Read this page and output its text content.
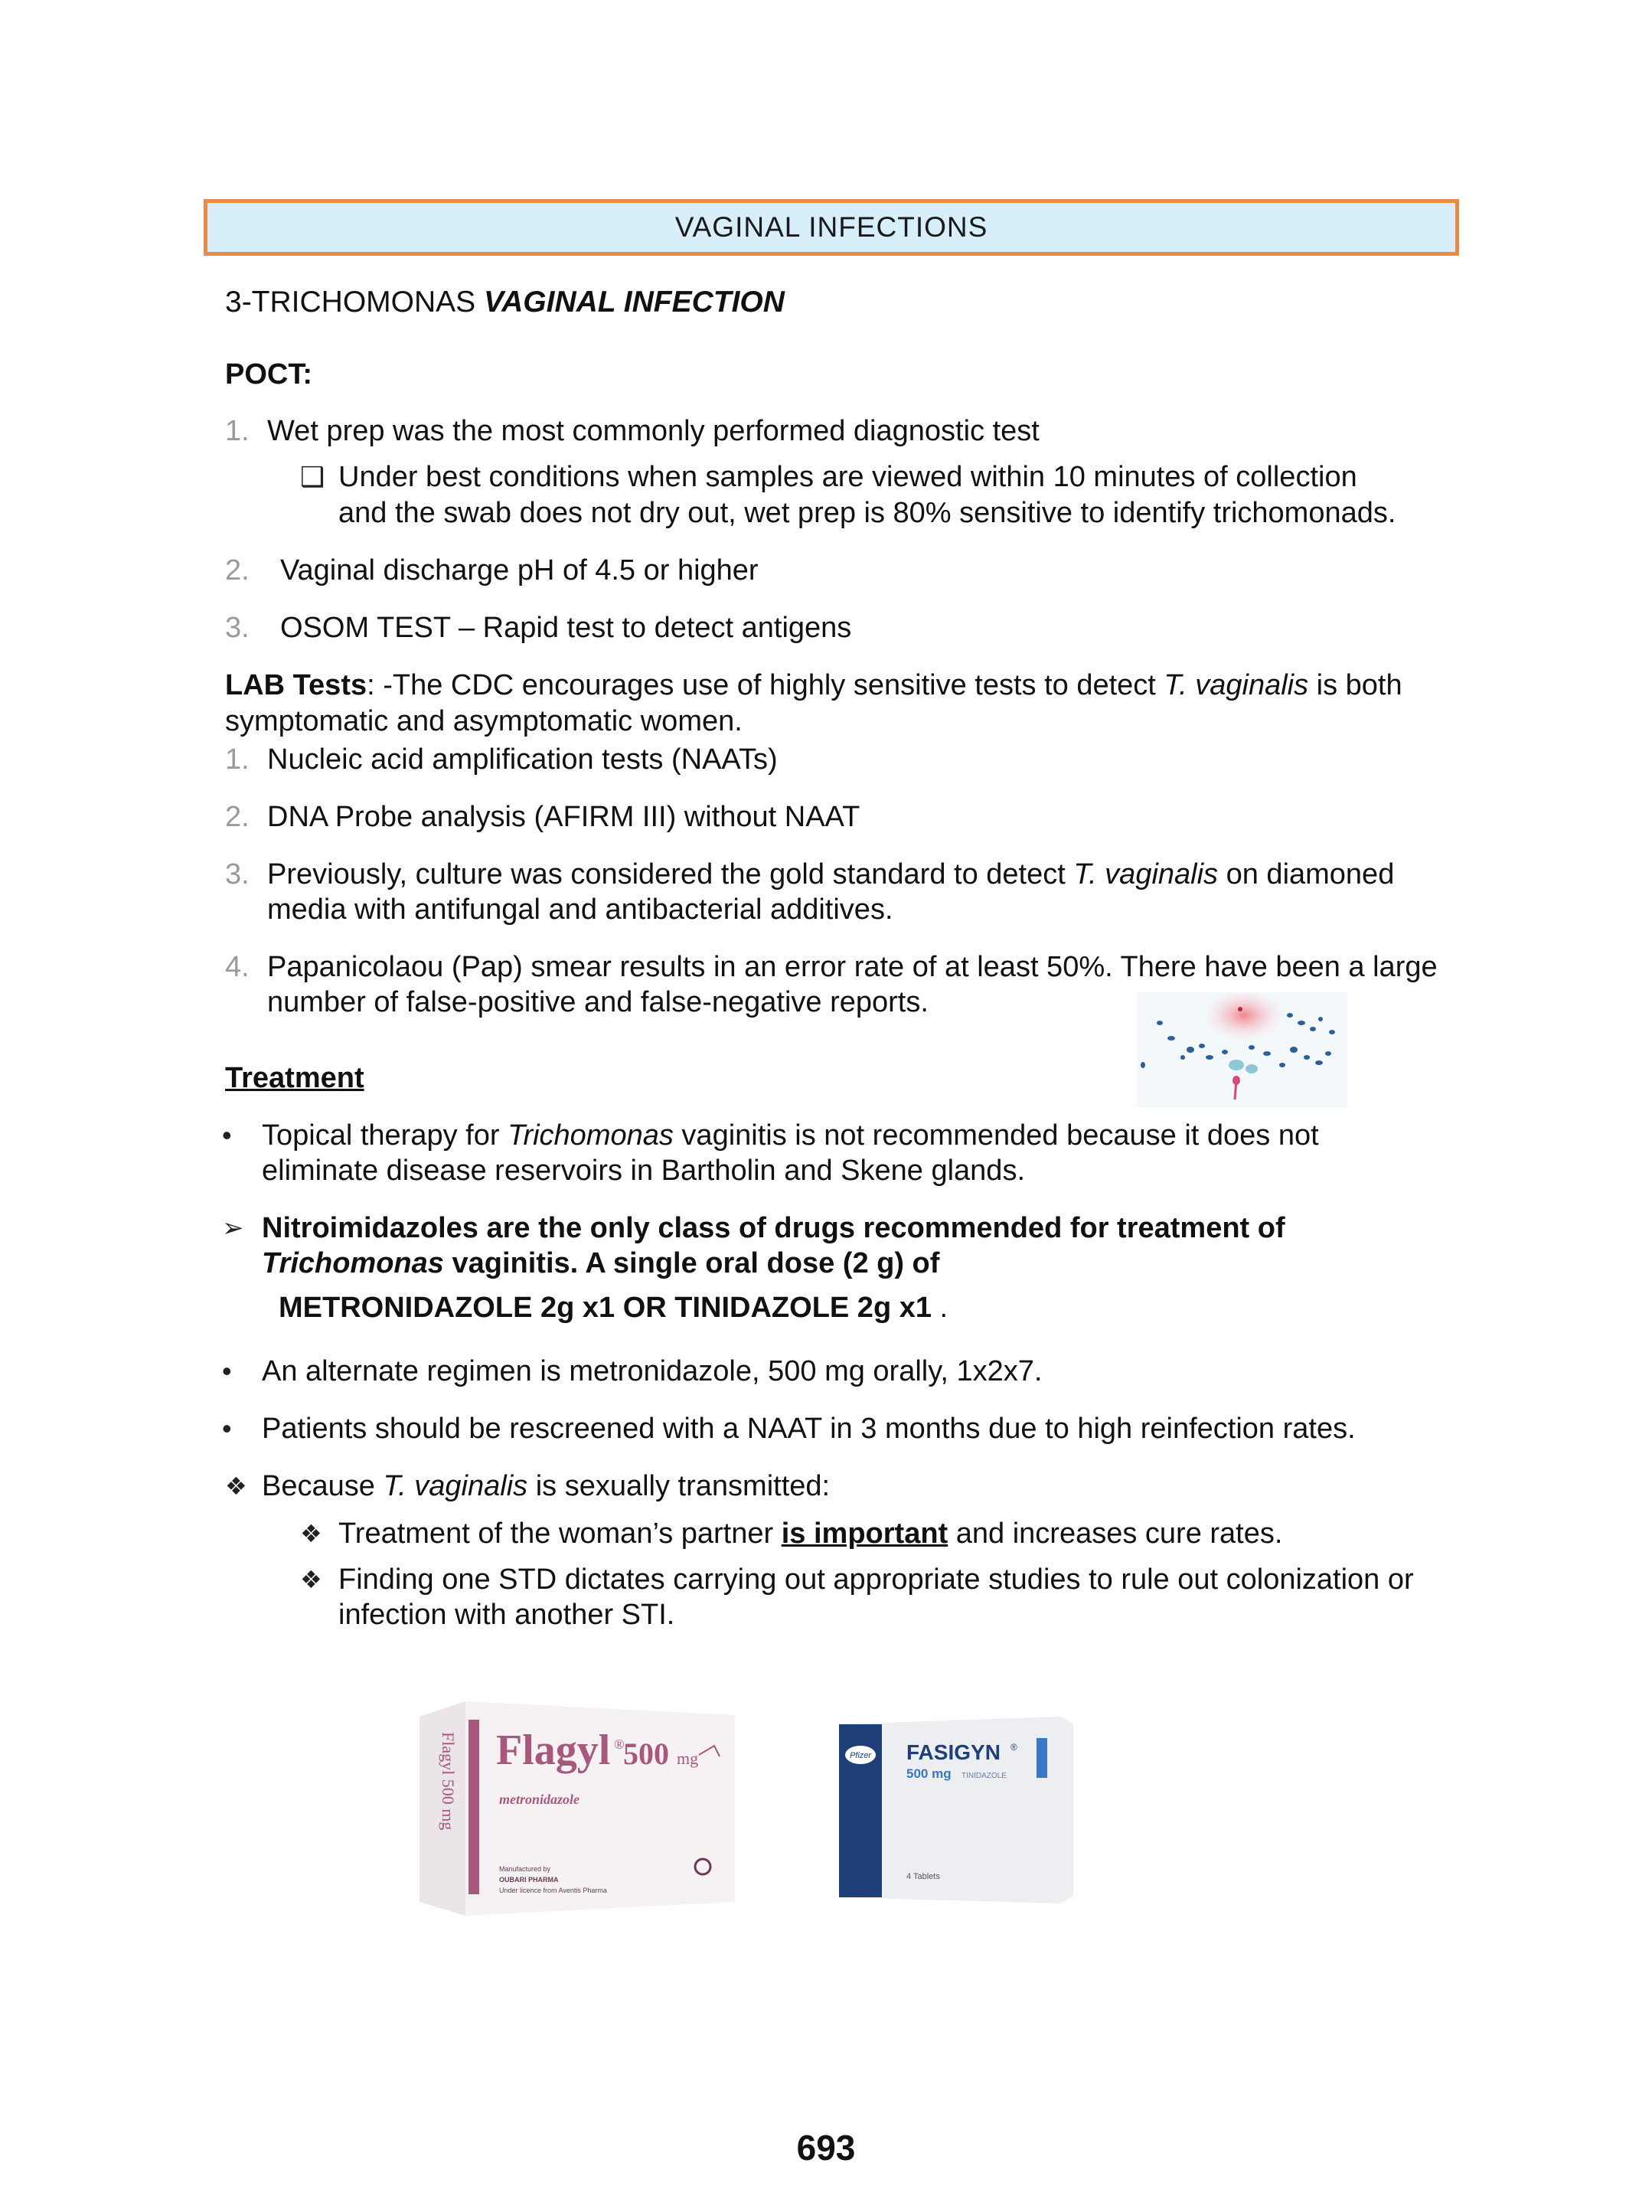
VAGINAL INFECTIONS
3-TRICHOMONAS VAGINAL INFECTION
POCT:
1. Wet prep was the most commonly performed diagnostic test
❑ Under best conditions when samples are viewed within 10 minutes of collection
and the swab does not dry out, wet prep is 80% sensitive to identify trichomonads.
2. Vaginal discharge pH of 4.5 or higher
3. OSOM TEST – Rapid test to detect antigens
LAB Tests: -The CDC encourages use of highly sensitive tests to detect T. vaginalis is both
symptomatic and asymptomatic women.
1. Nucleic acid amplification tests (NAATs)
2. DNA Probe analysis (AFIRM III) without NAAT
3. Previously, culture was considered the gold standard to detect T. vaginalis on diamoned
media with antifungal and antibacterial additives.
4. Papanicolaou (Pap) smear results in an error rate of at least 50%. There have been a large
number of false-positive and false-negative reports.
Treatment
• Topical therapy for Trichomonas vaginitis is not recommended because it does not
eliminate disease reservoirs in Bartholin and Skene glands.
➢ Nitroimidazoles are the only class of drugs recommended for treatment of
Trichomonas vaginitis. A single oral dose (2 g) of
METRONIDAZOLE 2g x1 OR TINIDAZOLE 2g x1 .
• An alternate regimen is metronidazole, 500 mg orally, 1x2x7.
• Patients should be rescreened with a NAAT in 3 months due to high reinfection rates.
❖ Because T. vaginalis is sexually transmitted:
❖ Treatment of the woman’s partner is important and increases cure rates.
❖ Finding one STD dictates carrying out appropriate studies to rule out colonization or
infection with another STI.
Flagyl 500 mg Flagyl ®
500 mg
metronidazole
Manufactured by
OUBARI PHARMA
Under licence from Aventis Pharma
Pfizer FASIGYN ®
500 mg TINIDAZOLE
4 Tablets
693
